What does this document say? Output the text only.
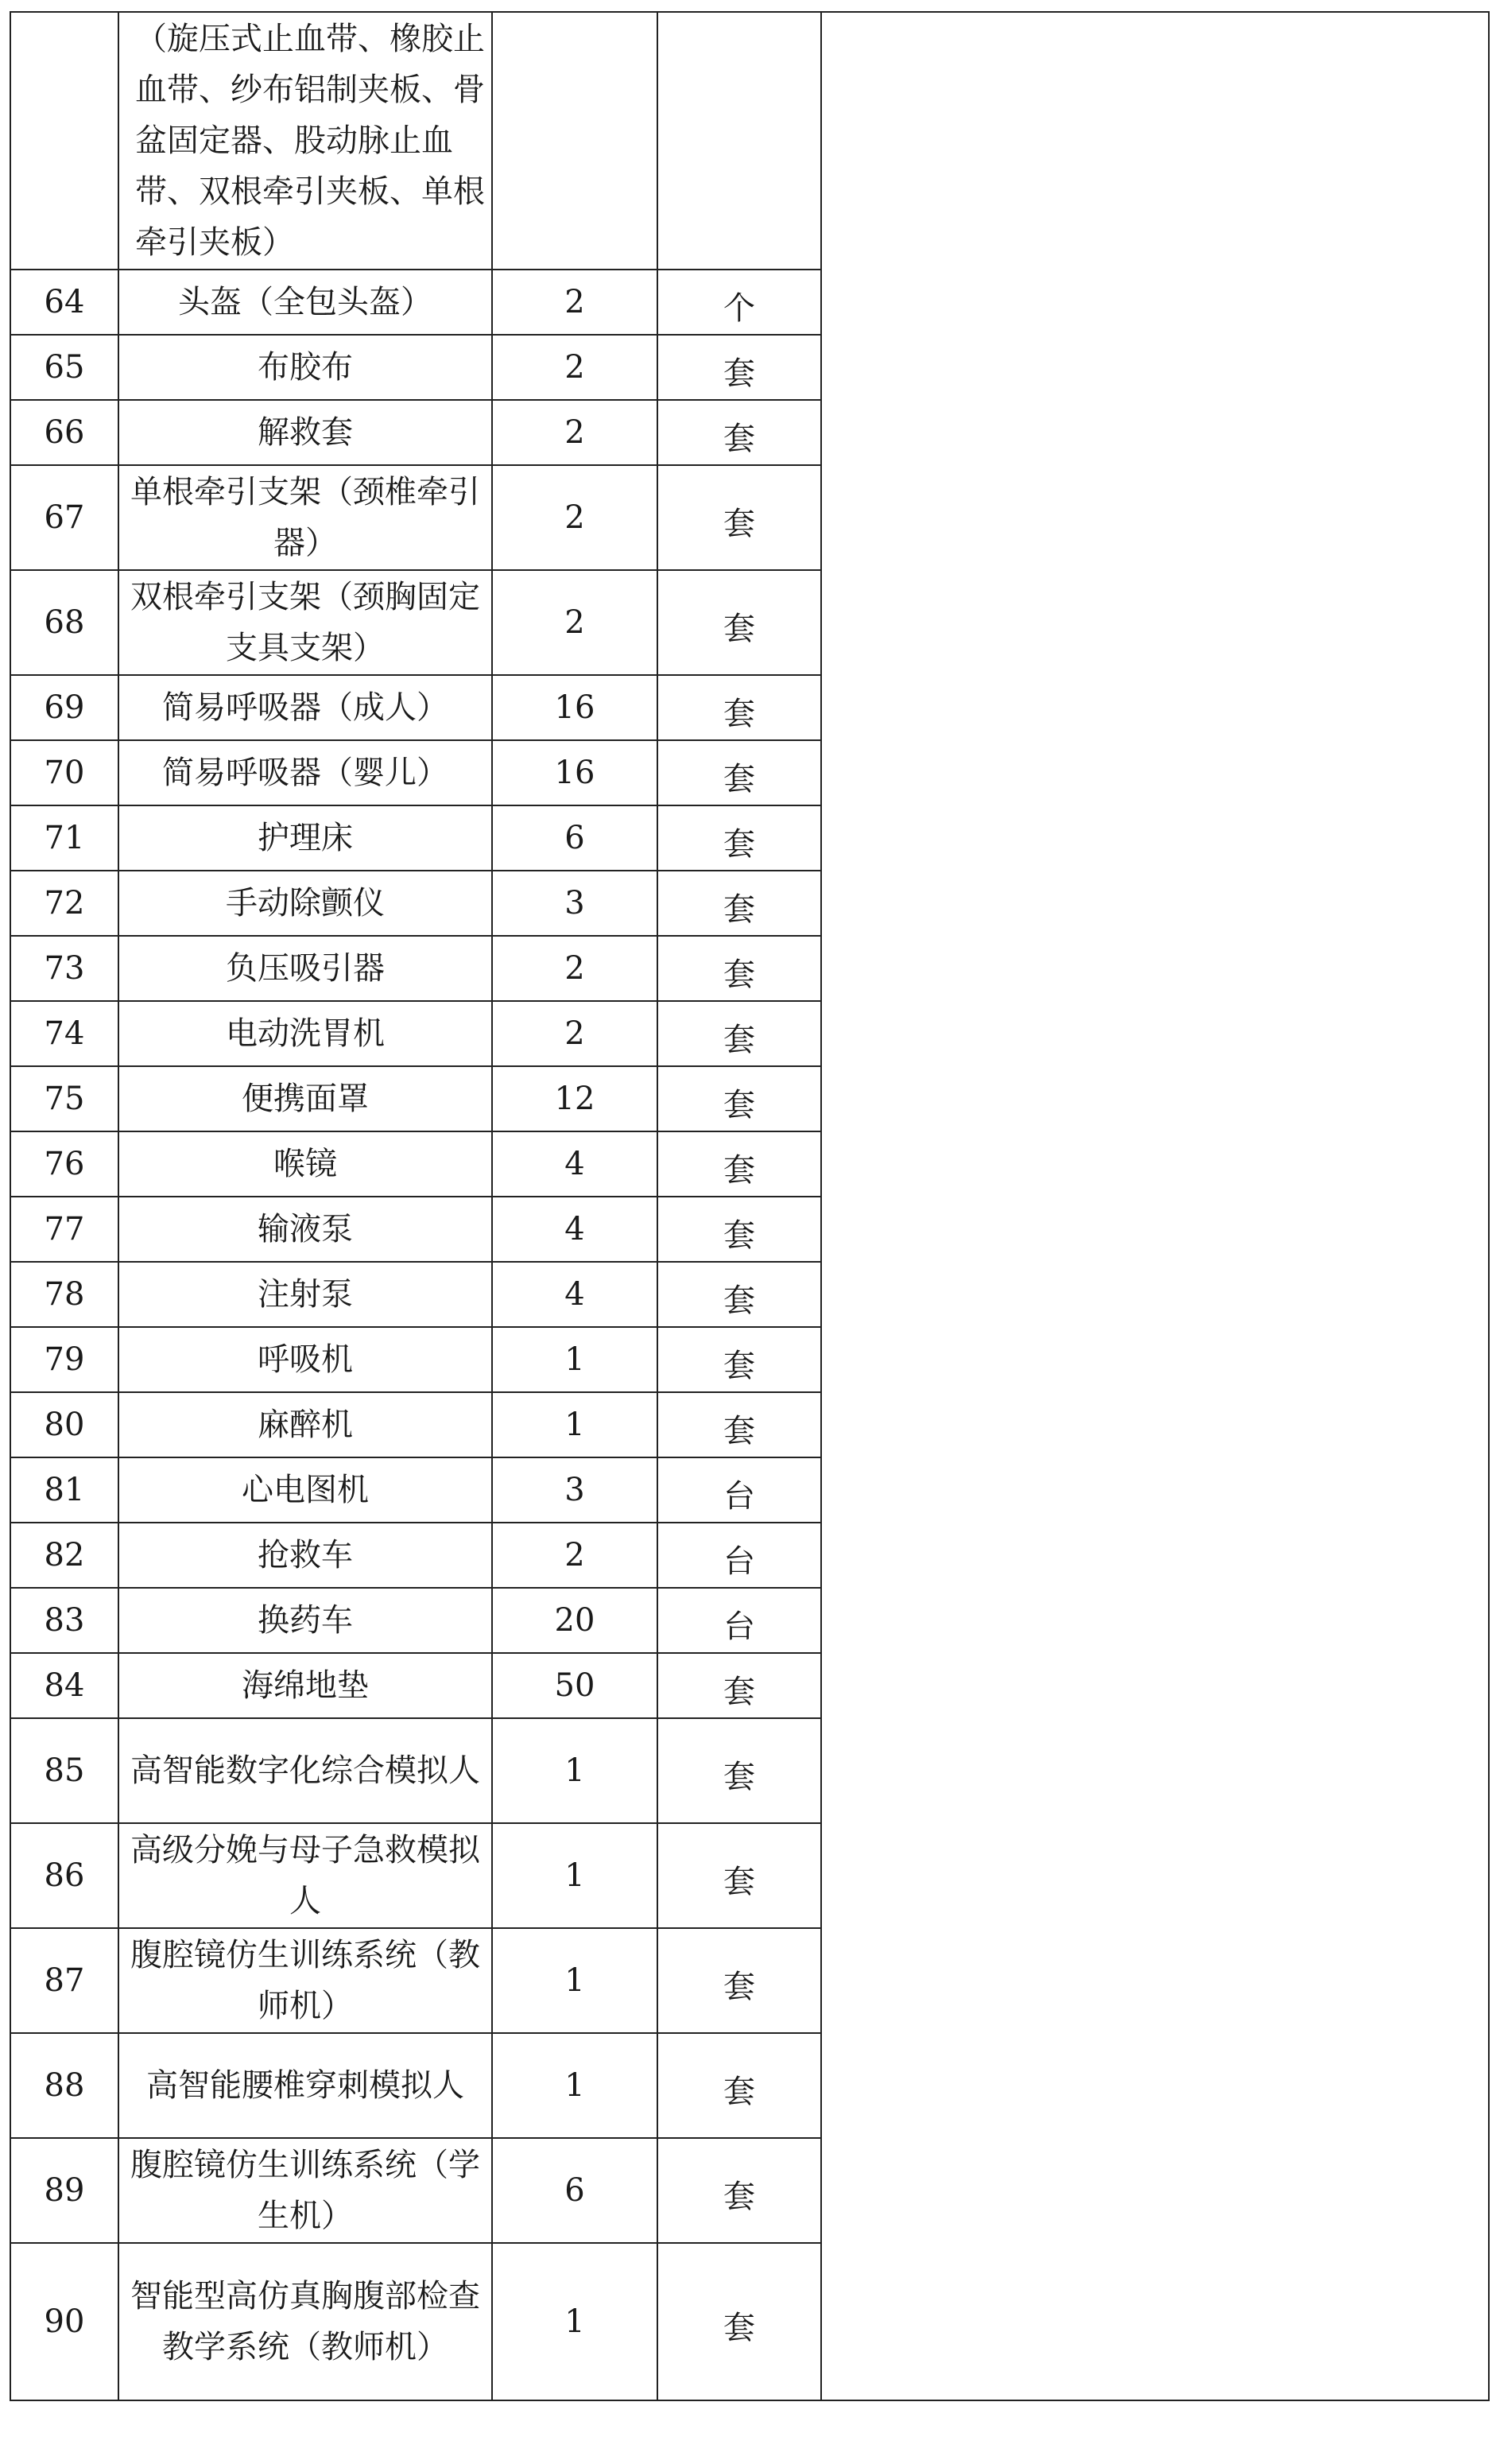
	（旋压式止血带、橡胶止血带、纱布铝制夹板、骨盆固定器、股动脉止血带、双根牵引夹板、单根牵引夹板）			
64	头盔（全包头盔）	2	个	
65	布胶布	2	套	
66	解救套	2	套	
67	单根牵引支架（颈椎牵引器）	2	套	
68	双根牵引支架（颈胸固定支具支架）	2	套	
69	简易呼吸器（成人）	16	套	
70	简易呼吸器（婴儿）	16	套	
71	护理床	6	套	
72	手动除颤仪	3	套	
73	负压吸引器	2	套	
74	电动洗胃机	2	套	
75	便携面罩	12	套	
76	喉镜	4	套	
77	输液泵	4	套	
78	注射泵	4	套	
79	呼吸机	1	套	
80	麻醉机	1	套	
81	心电图机	3	台	
82	抢救车	2	台	
83	换药车	20	台	
84	海绵地垫	50	套	
85	高智能数字化综合模拟人	1	套	
86	高级分娩与母子急救模拟人	1	套	
87	腹腔镜仿生训练系统（教师机）	1	套	
88	高智能腰椎穿刺模拟人	1	套	
89	腹腔镜仿生训练系统（学生机）	6	套	
90	智能型高仿真胸腹部检查教学系统（教师机）	1	套	
